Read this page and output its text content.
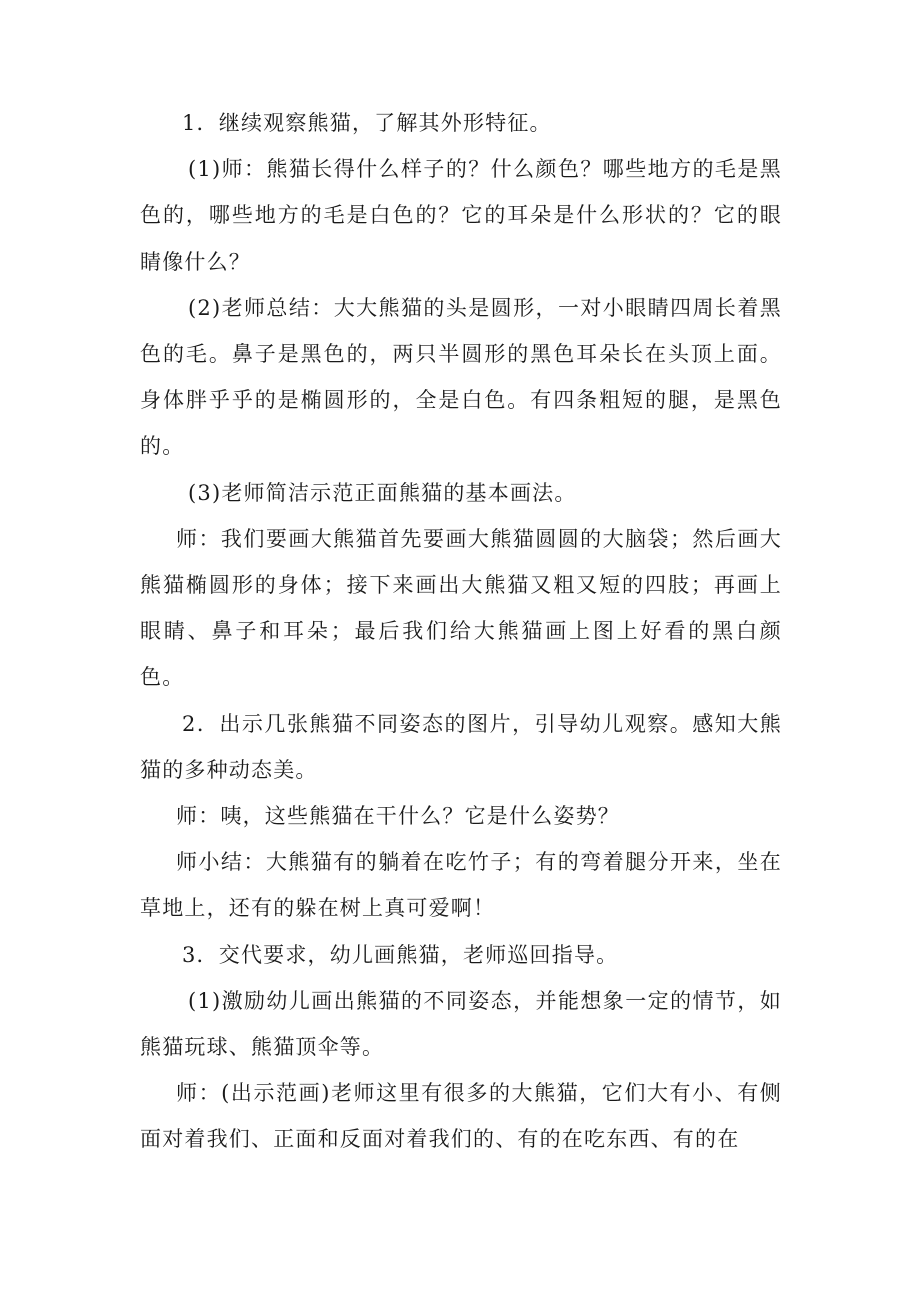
1．继续观察熊猫，了解其外形特征。

(1)师：熊猫长得什么样子的？什么颜色？哪些地方的毛是黑色的，哪些地方的毛是白色的？它的耳朵是什么形状的？它的眼睛像什么？

(2)老师总结：大大熊猫的头是圆形，一对小眼睛四周长着黑色的毛。鼻子是黑色的，两只半圆形的黑色耳朵长在头顶上面。身体胖乎乎的是椭圆形的，全是白色。有四条粗短的腿，是黑色的。

(3)老师简洁示范正面熊猫的基本画法。

师：我们要画大熊猫首先要画大熊猫圆圆的大脑袋；然后画大熊猫椭圆形的身体；接下来画出大熊猫又粗又短的四肢；再画上眼睛、鼻子和耳朵；最后我们给大熊猫画上图上好看的黑白颜色。

2．出示几张熊猫不同姿态的图片，引导幼儿观察。感知大熊猫的多种动态美。

师：咦，这些熊猫在干什么？它是什么姿势？

师小结：大熊猫有的躺着在吃竹子；有的弯着腿分开来，坐在草地上，还有的躲在树上真可爱啊！

3．交代要求，幼儿画熊猫，老师巡回指导。

(1)激励幼儿画出熊猫的不同姿态，并能想象一定的情节，如熊猫玩球、熊猫顶伞等。

师：(出示范画)老师这里有很多的大熊猫，它们大有小、有侧面对着我们、正面和反面对着我们的、有的在吃东西、有的在
